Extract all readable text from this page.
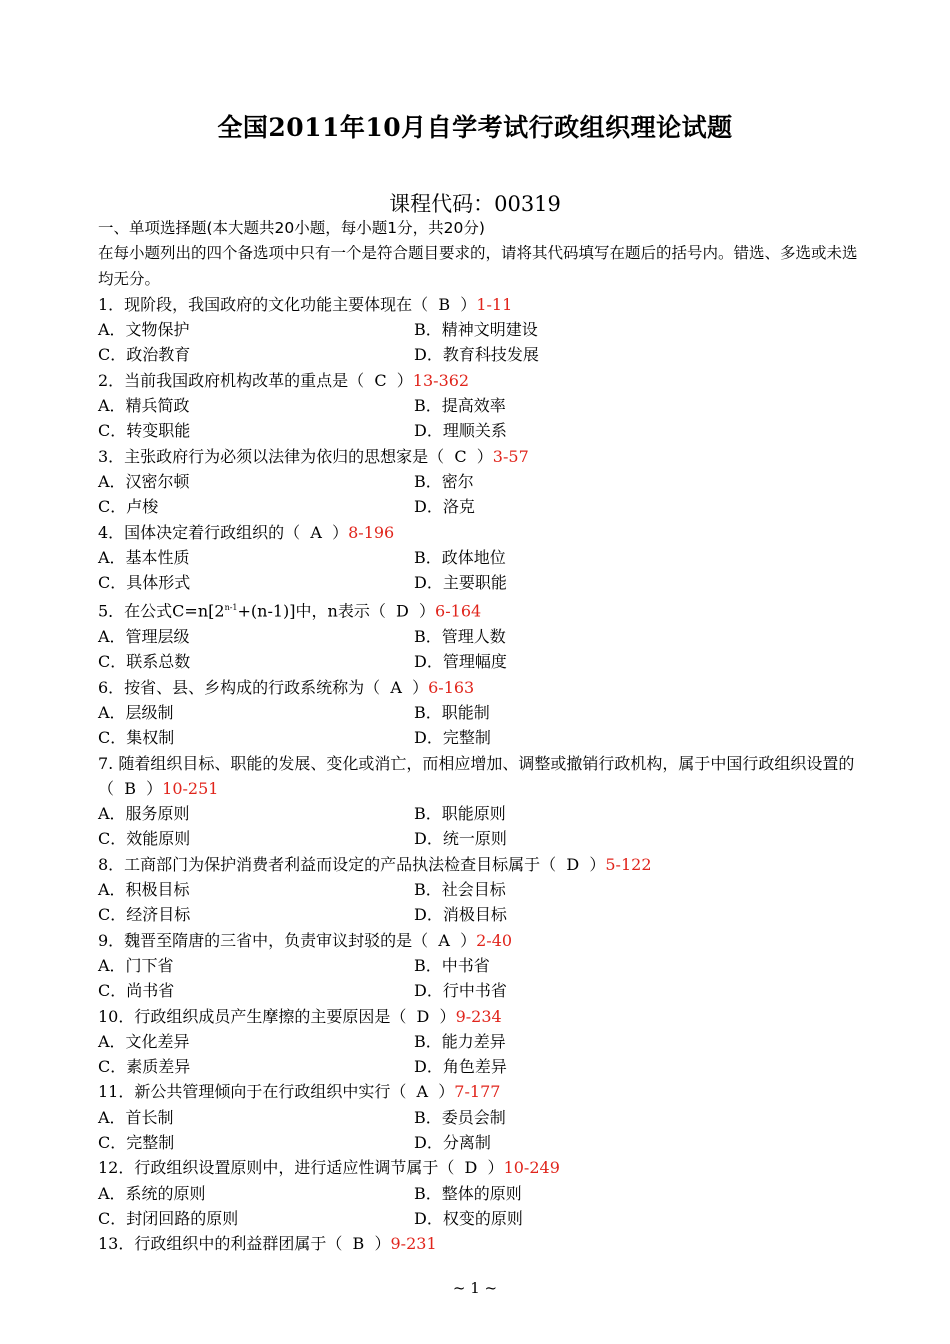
全国2011年10月自学考试行政组织理论试题
课程代码：00319
一、单项选择题(本大题共20小题，每小题1分，共20分)
在每小题列出的四个备选项中只有一个是符合题目要求的，请将其代码填写在题后的括号内。错选、多选或未选均无分。
1．现阶段，我国政府的文化功能主要体现在（  B  ）1-11
A．文物保护	B．精神文明建设
C．政治教育	D．教育科技发展
2．当前我国政府机构改革的重点是（  C  ）13-362
A．精兵简政	B．提高效率
C．转变职能	D．理顺关系
3．主张政府行为必须以法律为依归的思想家是（  C  ）3-57
A．汉密尔顿	B．密尔
C．卢梭	D．洛克
4．国体决定着行政组织的（  A  ）8-196
A．基本性质	B．政体地位
C．具体形式	D．主要职能
5．在公式$C=n[2^{n-1}+(n-1)]$中，n表示（  D  ）6-164
A．管理层级	B．管理人数
C．联系总数	D．管理幅度
6．按省、县、乡构成的行政系统称为（  A  ）6-163
A．层级制	B．职能制
C．集权制	D．完整制
7. 随着组织目标、职能的发展、变化或消亡，而相应增加、调整或撤销行政机构，属于中国行政组织设置的（  B  ）10-251
A．服务原则	B．职能原则
C．效能原则	D．统一原则
8．工商部门为保护消费者利益而设定的产品执法检查目标属于（  D  ）5-122
A．积极目标	B．社会目标
C．经济目标	D．消极目标
9．魏晋至隋唐的三省中，负责审议封驳的是（  A  ）2-40
A．门下省	B．中书省
C．尚书省	D．行中书省
10．行政组织成员产生摩擦的主要原因是（  D  ）9-234
A．文化差异	B．能力差异
C．素质差异	D．角色差异
11．新公共管理倾向于在行政组织中实行（  A  ）7-177
A．首长制	B．委员会制
C．完整制	D．分离制
12．行政组织设置原则中，进行适应性调节属于（  D  ）10-249
A．系统的原则	B．整体的原则
C．封闭回路的原则	D．权变的原则
13．行政组织中的利益群团属于（  B  ）9-231
~ 1 ~
